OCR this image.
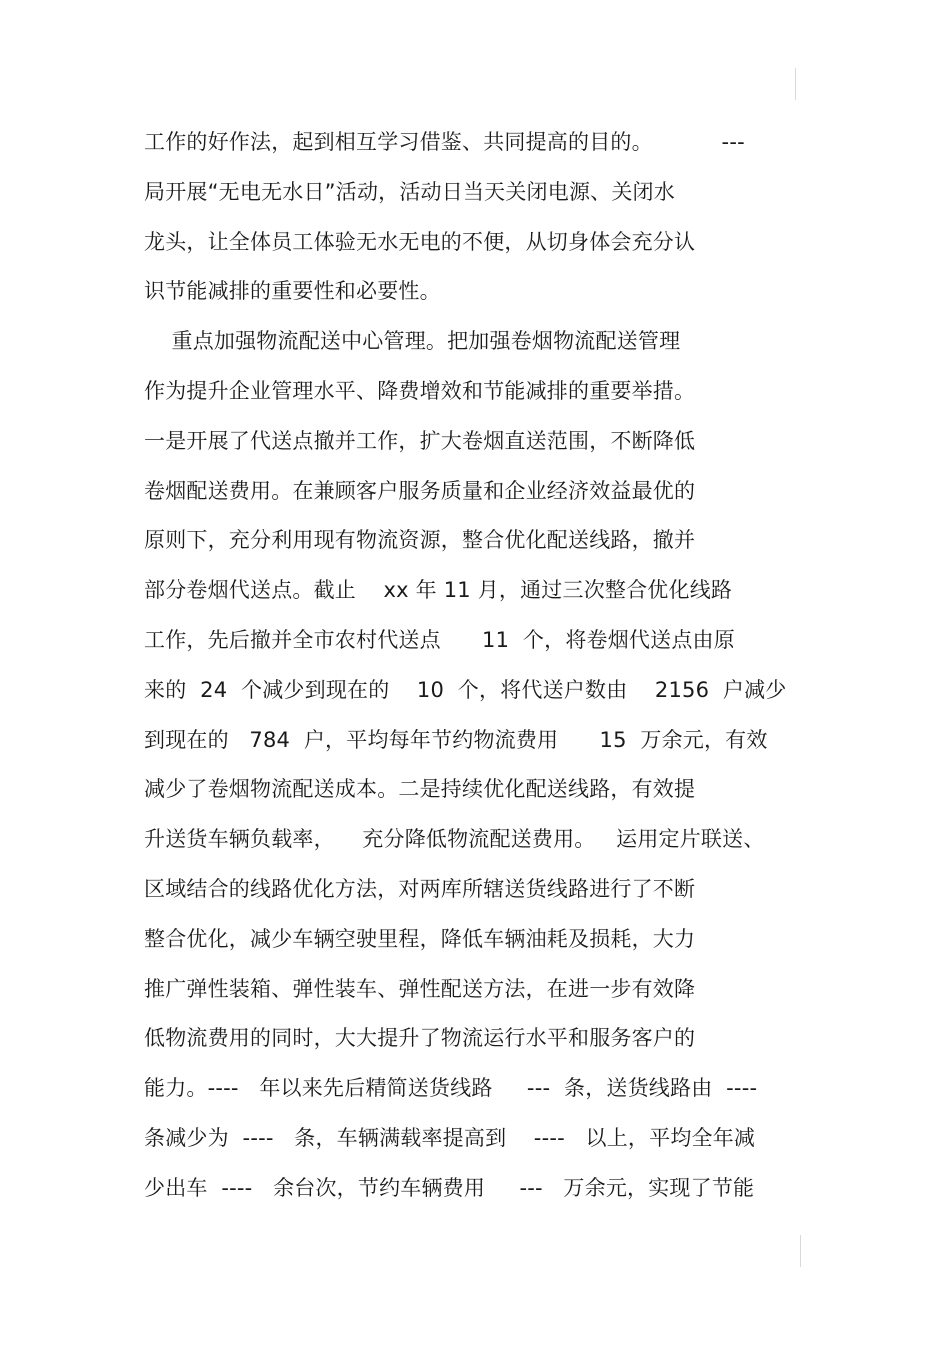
工作的好作法，起到相互学习借鉴、共同提高的目的。          ---
局开展“无电无水日”活动，活动日当天关闭电源、关闭水
龙头，让全体员工体验无水无电的不便，从切身体会充分认
识节能减排的重要性和必要性。
重点加强物流配送中心管理。把加强卷烟物流配送管理
作为提升企业管理水平、降费增效和节能减排的重要举措。
一是开展了代送点撤并工作，扩大卷烟直送范围，不断降低
卷烟配送费用。在兼顾客户服务质量和企业经济效益最优的
原则下，充分利用现有物流资源，整合优化配送线路，撤并
部分卷烟代送点。截止    xx 年 11 月，通过三次整合优化线路
工作，先后撤并全市农村代送点      11  个，将卷烟代送点由原
来的  24  个减少到现在的    10  个，将代送户数由    2156  户减少
到现在的   784  户，平均每年节约物流费用      15  万余元，有效
减少了卷烟物流配送成本。二是持续优化配送线路，有效提
升送货车辆负载率，    充分降低物流配送费用。   运用定片联送、
区域结合的线路优化方法，对两库所辖送货线路进行了不断
整合优化，减少车辆空驶里程，降低车辆油耗及损耗，大力
推广弹性装箱、弹性装车、弹性配送方法，在进一步有效降
低物流费用的同时，大大提升了物流运行水平和服务客户的
能力。----   年以来先后精简送货线路     ---  条，送货线路由  ----
条减少为  ----   条，车辆满载率提高到    ----   以上，平均全年减
少出车  ----   余台次，节约车辆费用     ---   万余元，实现了节能
